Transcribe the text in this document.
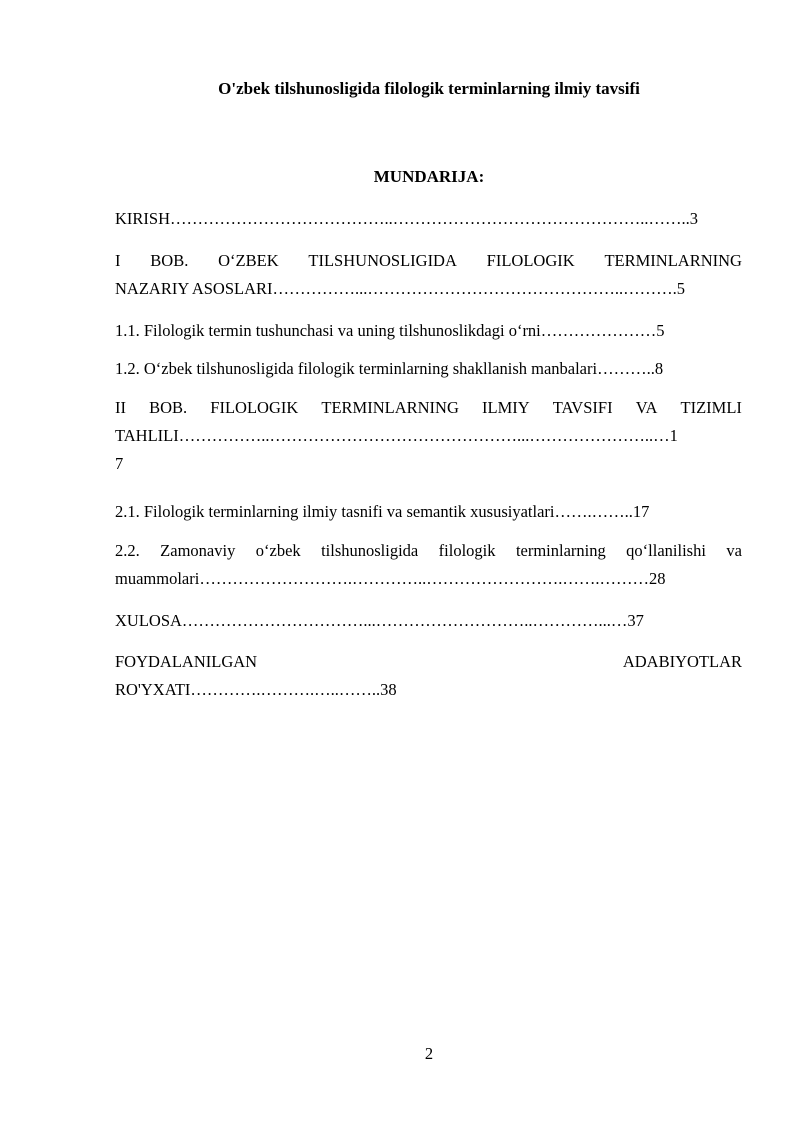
O'zbek tilshunosligida filologik terminlarning ilmiy tavsifi
MUNDARIJA:
KIRISH…………………………………..………………………………………..……..3
I BOB. O‘ZBEK TILSHUNOSLIGIDA FILOLOGIK TERMINLARNING
NAZARIY ASOSLARI……………...………………………………………..……….5
1.1. Filologik termin tushunchasi va uning tilshunoslikdagi o‘rni…………………5
1.2. O‘zbek tilshunosligida filologik terminlarning shakllanish manbalari………..8
II BOB. FILOLOGIK TERMINLARNING ILMIY TAVSIFI VA TIZIMLI
TAHLILI……………..………………………………………...…………………..…1
7
2.1. Filologik terminlarning ilmiy tasnifi va semantik xususiyatlari…….……..17
2.2. Zamonaviy o‘zbek tilshunosligida filologik terminlarning qo‘llanilishi va
muammolari……………………….…………..…………………….…….………28
XULOSA……………………………...………………………..…………...…37
FOYDALANILGAN	ADABIYOTLAR
RO'YXATI………….……….…..……..38
2
